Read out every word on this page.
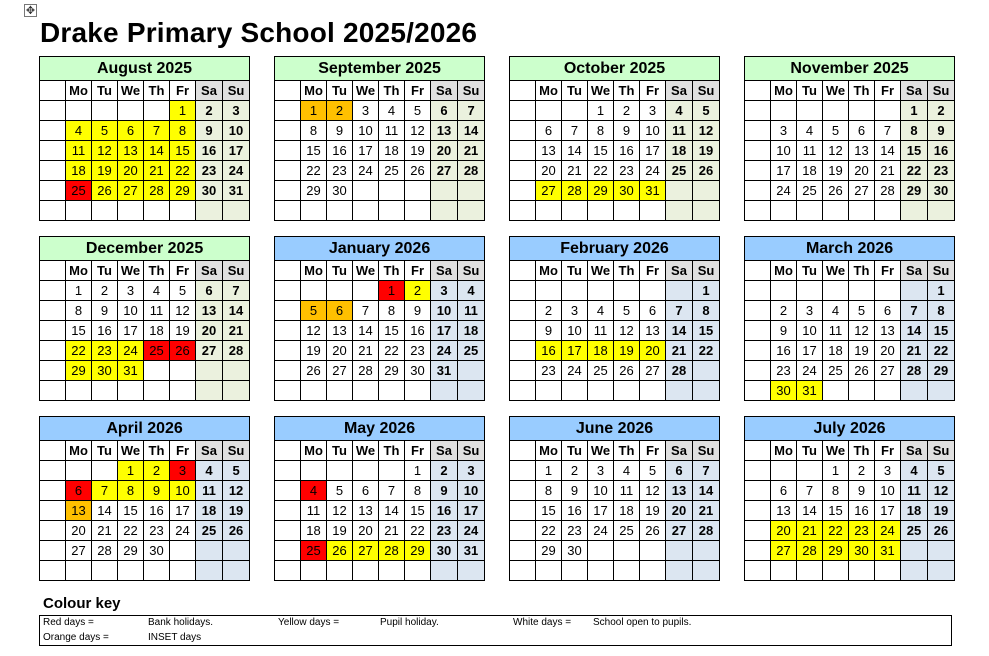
✥
Drake Primary School 2025/2026
August 2025							
	Mo	Tu	We	Th	Fr	Sa	Su
					1	2	3
	4	5	6	7	8	9	10
	11	12	13	14	15	16	17
	18	19	20	21	22	23	24
	25	26	27	28	29	30	31

September 2025							
	Mo	Tu	We	Th	Fr	Sa	Su
	1	2	3	4	5	6	7
	8	9	10	11	12	13	14
	15	16	17	18	19	20	21
	22	23	24	25	26	27	28
	29	30					

October 2025							
	Mo	Tu	We	Th	Fr	Sa	Su
			1	2	3	4	5
	6	7	8	9	10	11	12
	13	14	15	16	17	18	19
	20	21	22	23	24	25	26
	27	28	29	30	31		

November 2025							
	Mo	Tu	We	Th	Fr	Sa	Su
						1	2
	3	4	5	6	7	8	9
	10	11	12	13	14	15	16
	17	18	19	20	21	22	23
	24	25	26	27	28	29	30

December 2025							
	Mo	Tu	We	Th	Fr	Sa	Su
	1	2	3	4	5	6	7
	8	9	10	11	12	13	14
	15	16	17	18	19	20	21
	22	23	24	25	26	27	28
	29	30	31				

January 2026							
	Mo	Tu	We	Th	Fr	Sa	Su
				1	2	3	4
	5	6	7	8	9	10	11
	12	13	14	15	16	17	18
	19	20	21	22	23	24	25
	26	27	28	29	30	31	

February 2026							
	Mo	Tu	We	Th	Fr	Sa	Su
							1
	2	3	4	5	6	7	8
	9	10	11	12	13	14	15
	16	17	18	19	20	21	22
	23	24	25	26	27	28	

March 2026							
	Mo	Tu	We	Th	Fr	Sa	Su
							1
	2	3	4	5	6	7	8
	9	10	11	12	13	14	15
	16	17	18	19	20	21	22
	23	24	25	26	27	28	29
	30	31					
April 2026							
	Mo	Tu	We	Th	Fr	Sa	Su
			1	2	3	4	5
	6	7	8	9	10	11	12
	13	14	15	16	17	18	19
	20	21	22	23	24	25	26
	27	28	29	30			

May 2026							
	Mo	Tu	We	Th	Fr	Sa	Su
					1	2	3
	4	5	6	7	8	9	10
	11	12	13	14	15	16	17
	18	19	20	21	22	23	24
	25	26	27	28	29	30	31

June 2026							
	Mo	Tu	We	Th	Fr	Sa	Su
	1	2	3	4	5	6	7
	8	9	10	11	12	13	14
	15	16	17	18	19	20	21
	22	23	24	25	26	27	28
	29	30					

July 2026							
	Mo	Tu	We	Th	Fr	Sa	Su
			1	2	3	4	5
	6	7	8	9	10	11	12
	13	14	15	16	17	18	19
	20	21	22	23	24	25	26
	27	28	29	30	31		

Colour key
Red days =	Bank holidays.	Yellow days =	Pupil holiday.	White days = School open to pupils.
Orange days =	INSET days
